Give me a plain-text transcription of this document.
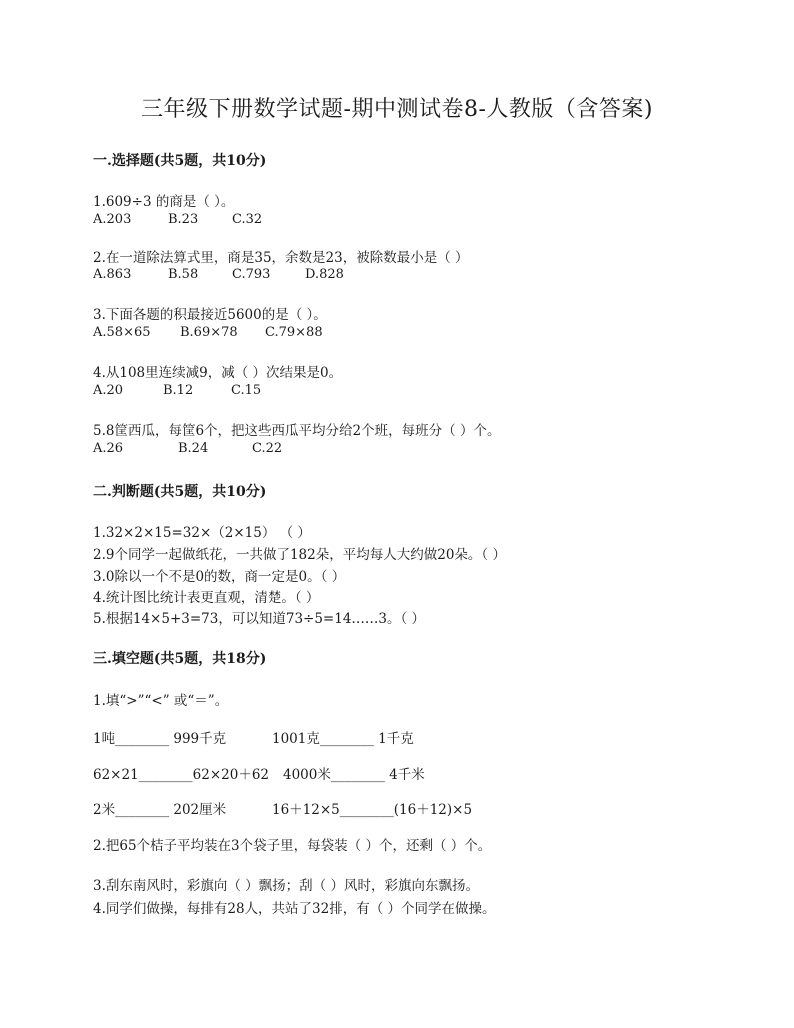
三年级下册数学试题-期中测试卷8-人教版（含答案)
一.选择题(共5题，共10分)
1.609÷3 的商是（ ）。
A.203	B.23	C.32
2.在一道除法算式里，商是35，余数是23，被除数最小是（ ）
A.863	B.58	C.793	D.828
3.下面各题的积最接近5600的是（ ）。
A.58×65 B.69×78 C.79×88
4.从108里连续减9，减（ ）次结果是0。
A.20	B.12	C.15
5.8筐西瓜，每筐6个，把这些西瓜平均分给2个班，每班分（ ）个。
A.26	B.24	C.22
二.判断题(共5题，共10分)
1.32×2×15=32×（2×15） （ ）
2.9个同学一起做纸花，一共做了182朵，平均每人大约做20朵。（ ）
3.0除以一个不是0的数，商一定是0。（ ）
4.统计图比统计表更直观，清楚。（ ）
5.根据14×5+3=73，可以知道73÷5=14……3。（ ）
三.填空题(共5题，共18分)
1.填“>”“<” 或“＝”。
1吨________ 999千克	1001克________ 1千克
62×21________62×20＋62 4000米________ 4千米
2米________ 202厘米	16＋12×5________(16＋12)×5
2.把65个桔子平均装在3个袋子里，每袋装（ ）个，还剩（ ）个。
3.刮东南风时，彩旗向（ ）飘扬；刮（ ）风时，彩旗向东飘扬。
4.同学们做操，每排有28人，共站了32排，有（ ）个同学在做操。
